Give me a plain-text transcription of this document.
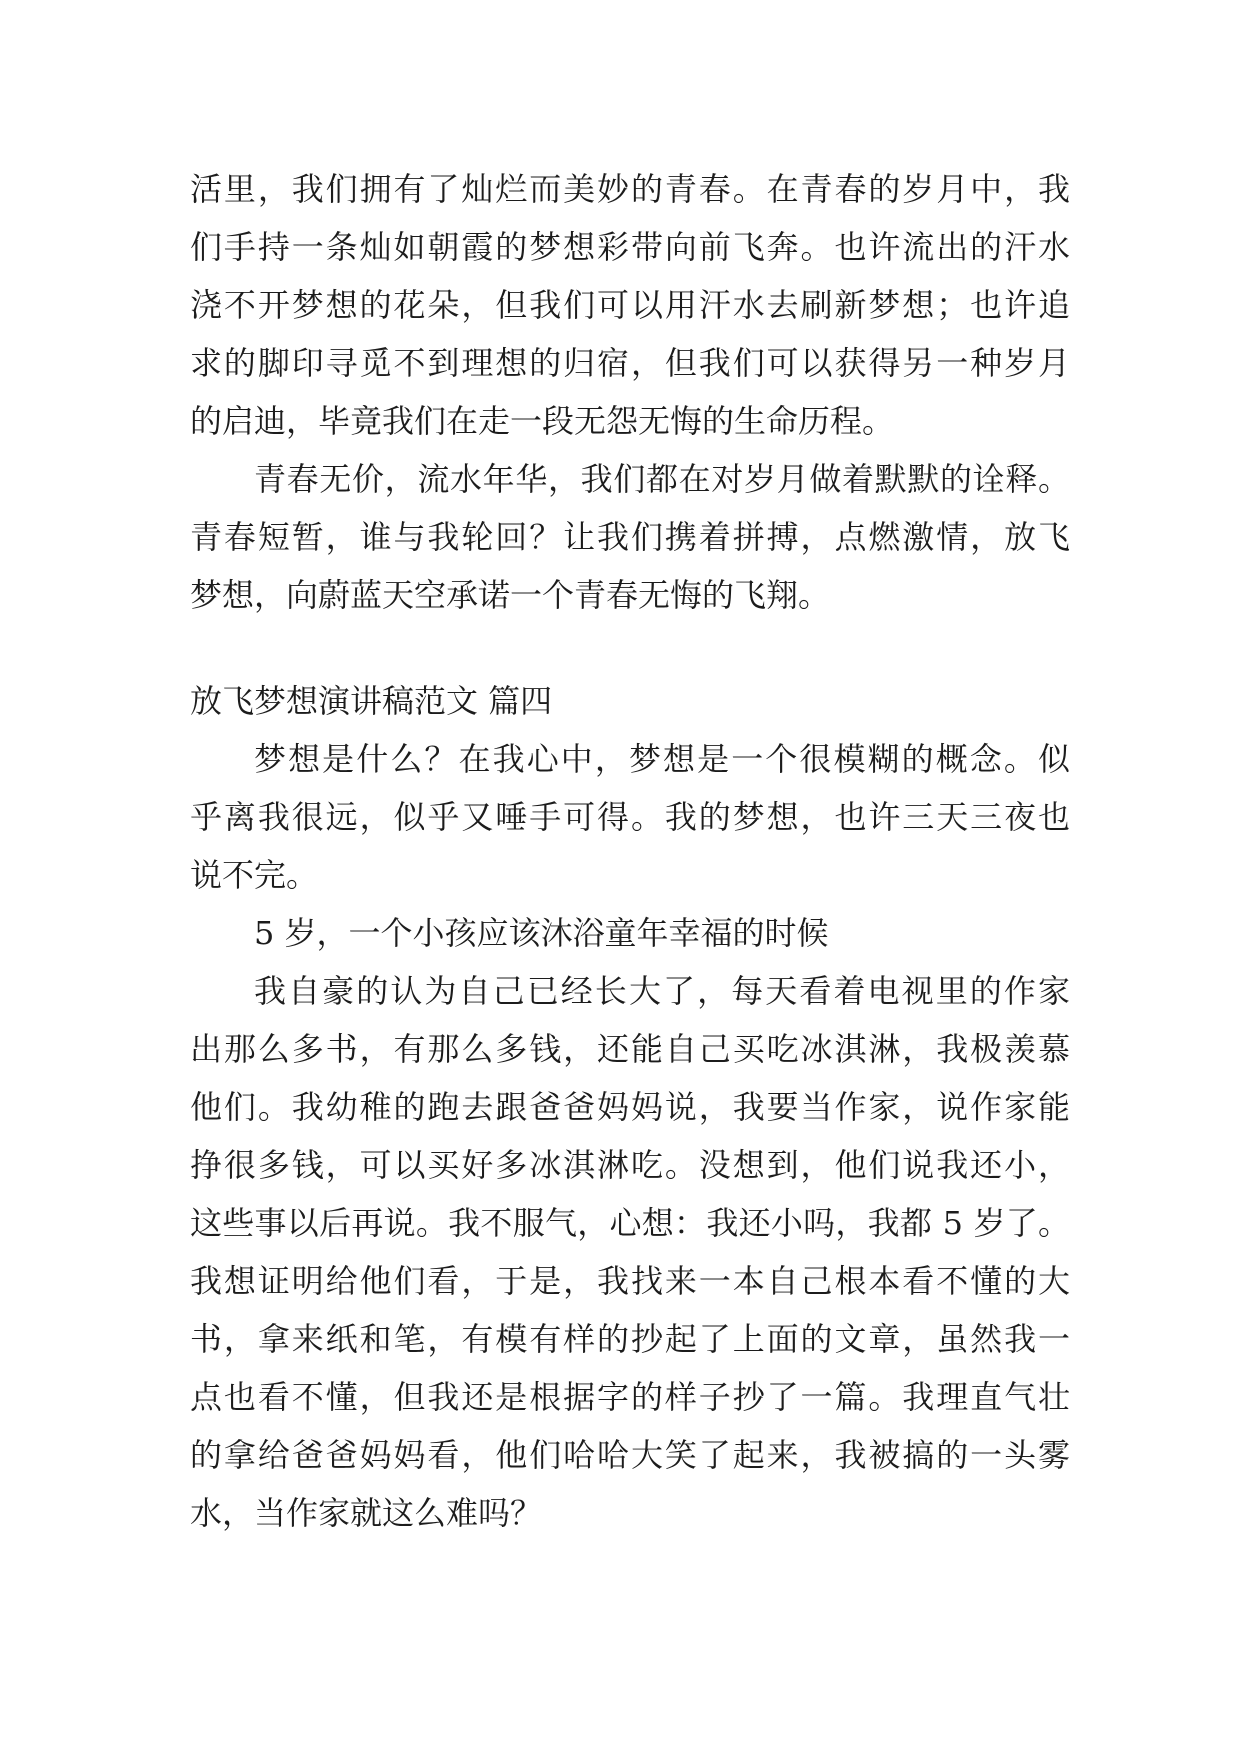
活里，我们拥有了灿烂而美妙的青春。在青春的岁月中，我
们手持一条灿如朝霞的梦想彩带向前飞奔。也许流出的汗水
浇不开梦想的花朵，但我们可以用汗水去刷新梦想；也许追
求的脚印寻觅不到理想的归宿，但我们可以获得另一种岁月
的启迪，毕竟我们在走一段无怨无悔的生命历程。
青春无价，流水年华，我们都在对岁月做着默默的诠释。
青春短暂，谁与我轮回？让我们携着拼搏，点燃激情，放飞
梦想，向蔚蓝天空承诺一个青春无悔的飞翔。
放飞梦想演讲稿范文 篇四
梦想是什么？在我心中，梦想是一个很模糊的概念。似
乎离我很远，似乎又唾手可得。我的梦想，也许三天三夜也
说不完。
5 岁，一个小孩应该沐浴童年幸福的时候
我自豪的认为自己已经长大了，每天看着电视里的作家
出那么多书，有那么多钱，还能自己买吃冰淇淋，我极羡慕
他们。我幼稚的跑去跟爸爸妈妈说，我要当作家，说作家能
挣很多钱，可以买好多冰淇淋吃。没想到，他们说我还小，
这些事以后再说。我不服气，心想：我还小吗，我都 5 岁了。
我想证明给他们看，于是，我找来一本自己根本看不懂的大
书，拿来纸和笔，有模有样的抄起了上面的文章，虽然我一
点也看不懂，但我还是根据字的样子抄了一篇。我理直气壮
的拿给爸爸妈妈看，他们哈哈大笑了起来，我被搞的一头雾
水，当作家就这么难吗？
